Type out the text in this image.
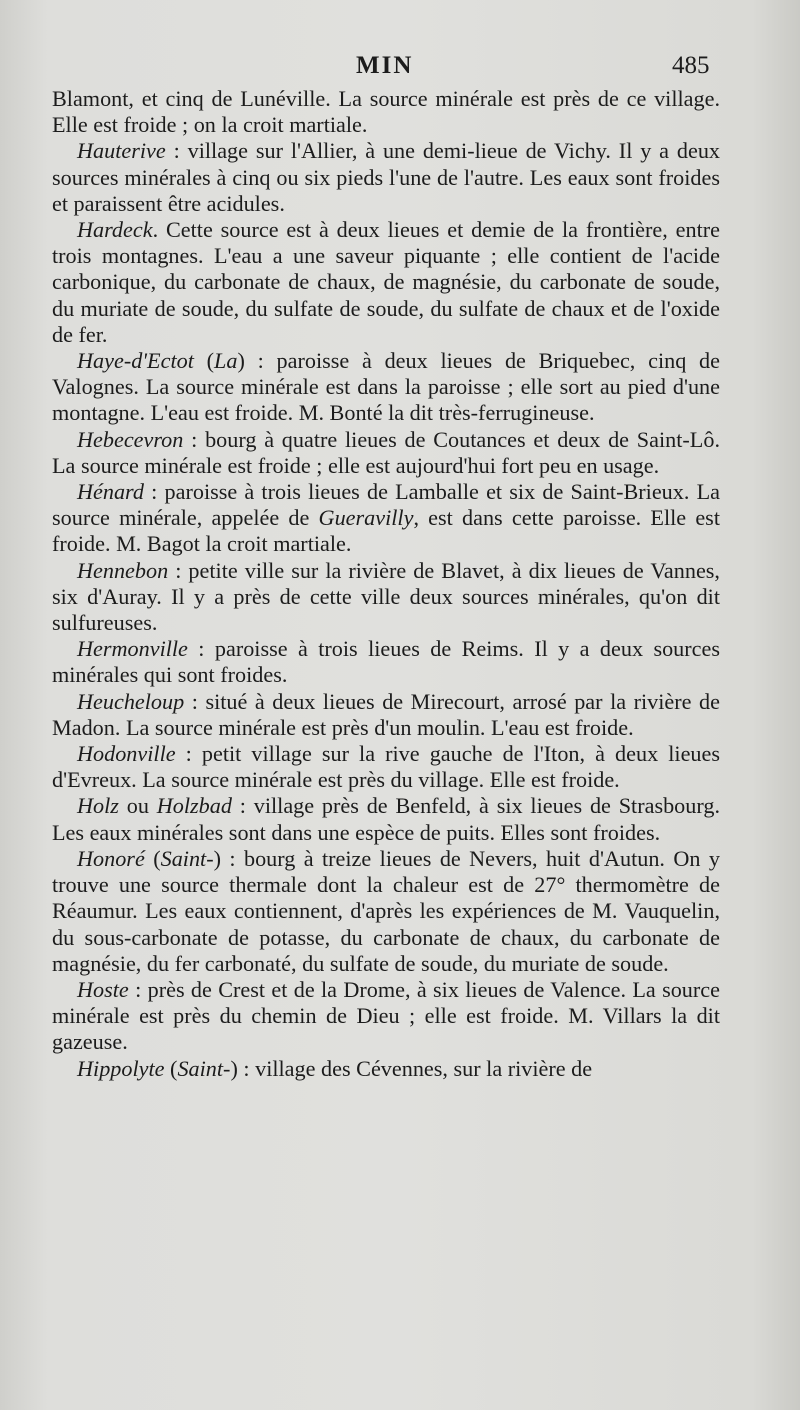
MIN	485

Blamont, et cinq de Lunéville. La source minérale est près de ce village. Elle est froide ; on la croit martiale.

Hauterive : village sur l'Allier, à une demi-lieue de Vichy. Il y a deux sources minérales à cinq ou six pieds l'une de l'autre. Les eaux sont froides et paraissent être acidules.

Hardeck. Cette source est à deux lieues et demie de la frontière, entre trois montagnes. L'eau a une saveur piquante ; elle contient de l'acide carbonique, du carbonate de chaux, de magnésie, du carbonate de soude, du muriate de soude, du sulfate de soude, du sulfate de chaux et de l'oxide de fer.

Haye-d'Ectot (La) : paroisse à deux lieues de Briquebec, cinq de Valognes. La source minérale est dans la paroisse ; elle sort au pied d'une montagne. L'eau est froide. M. Bonté la dit très-ferrugineuse.

Hebecevron : bourg à quatre lieues de Coutances et deux de Saint-Lô. La source minérale est froide ; elle est aujourd'hui fort peu en usage.

Hénard : paroisse à trois lieues de Lamballe et six de Saint-Brieux. La source minérale, appelée de Gueravilly, est dans cette paroisse. Elle est froide. M. Bagot la croit martiale.

Hennebon : petite ville sur la rivière de Blavet, à dix lieues de Vannes, six d'Auray. Il y a près de cette ville deux sources minérales, qu'on dit sulfureuses.

Hermonville : paroisse à trois lieues de Reims. Il y a deux sources minérales qui sont froides.

Heucheloup : situé à deux lieues de Mirecourt, arrosé par la rivière de Madon. La source minérale est près d'un moulin. L'eau est froide.

Hodonville : petit village sur la rive gauche de l'Iton, à deux lieues d'Evreux. La source minérale est près du village. Elle est froide.

Holz ou Holzbad : village près de Benfeld, à six lieues de Strasbourg. Les eaux minérales sont dans une espèce de puits. Elles sont froides.

Honoré (Saint-) : bourg à treize lieues de Nevers, huit d'Autun. On y trouve une source thermale dont la chaleur est de 27° thermomètre de Réaumur. Les eaux contiennent, d'après les expériences de M. Vauquelin, du sous-carbonate de potasse, du carbonate de chaux, du carbonate de magnésie, du fer carbonaté, du sulfate de soude, du muriate de soude.

Hoste : près de Crest et de la Drome, à six lieues de Valence. La source minérale est près du chemin de Dieu ; elle est froide. M. Villars la dit gazeuse.

Hippolyte (Saint-) : village des Cévennes, sur la rivière de
